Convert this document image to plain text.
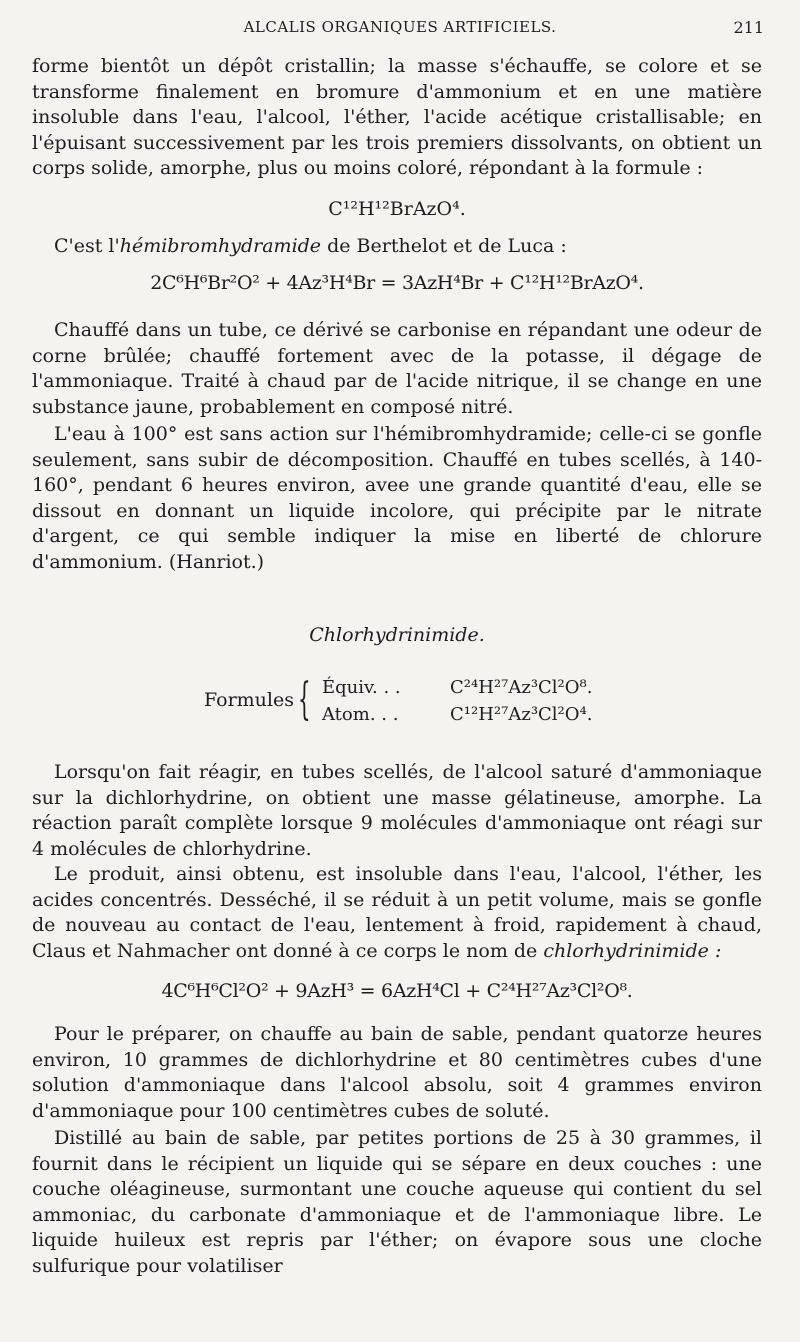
ALCALIS ORGANIQUES ARTIFICIELS.	211

forme bientôt un dépôt cristallin; la masse s'échauffe, se colore et se transforme finalement en bromure d'ammonium et en une matière insoluble dans l'eau, l'alcool, l'éther, l'acide acétique cristallisable; en l'épuisant successivement par les trois premiers dissolvants, on obtient un corps solide, amorphe, plus ou moins coloré, répondant à la formule :

C¹²H¹²BrAzO⁴.

C'est l'hémibromhydramide de Berthelot et de Luca :

2C⁶H⁶Br²O² + 4Az³H⁴Br = 3AzH⁴Br + C¹²H¹²BrAzO⁴.

Chauffé dans un tube, ce dérivé se carbonise en répandant une odeur de corne brûlée; chauffé fortement avec de la potasse, il dégage de l'ammoniaque. Traité à chaud par de l'acide nitrique, il se change en une substance jaune, probablement en composé nitré.

L'eau à 100° est sans action sur l'hémibromhydramide; celle-ci se gonfle seulement, sans subir de décomposition. Chauffé en tubes scellés, à 140-160°, pendant 6 heures environ, avee une grande quantité d'eau, elle se dissout en donnant un liquide incolore, qui précipite par le nitrate d'argent, ce qui semble indiquer la mise en liberté de chlorure d'ammonium. (Hanriot.)

Chlorhydrinimide.
Formules { Équiv. . .	C²⁴H²⁷Az³Cl²O⁸.
Atom. . .	C¹²H²⁷Az³Cl²O⁴.

Lorsqu'on fait réagir, en tubes scellés, de l'alcool saturé d'ammoniaque sur la dichlorhydrine, on obtient une masse gélatineuse, amorphe. La réaction paraît complète lorsque 9 molécules d'ammoniaque ont réagi sur 4 molécules de chlorhydrine.

Le produit, ainsi obtenu, est insoluble dans l'eau, l'alcool, l'éther, les acides concentrés. Desséché, il se réduit à un petit volume, mais se gonfle de nouveau au contact de l'eau, lentement à froid, rapidement à chaud, Claus et Nahmacher ont donné à ce corps le nom de chlorhydrinimide :

4C⁶H⁶Cl²O² + 9AzH³ = 6AzH⁴Cl + C²⁴H²⁷Az³Cl²O⁸.

Pour le préparer, on chauffe au bain de sable, pendant quatorze heures environ, 10 grammes de dichlorhydrine et 80 centimètres cubes d'une solution d'ammoniaque dans l'alcool absolu, soit 4 grammes environ d'ammoniaque pour 100 centimètres cubes de soluté.

Distillé au bain de sable, par petites portions de 25 à 30 grammes, il fournit dans le récipient un liquide qui se sépare en deux couches : une couche oléagineuse, surmontant une couche aqueuse qui contient du sel ammoniac, du carbonate d'ammoniaque et de l'ammoniaque libre. Le liquide huileux est repris par l'éther; on évapore sous une cloche sulfurique pour volatiliser
